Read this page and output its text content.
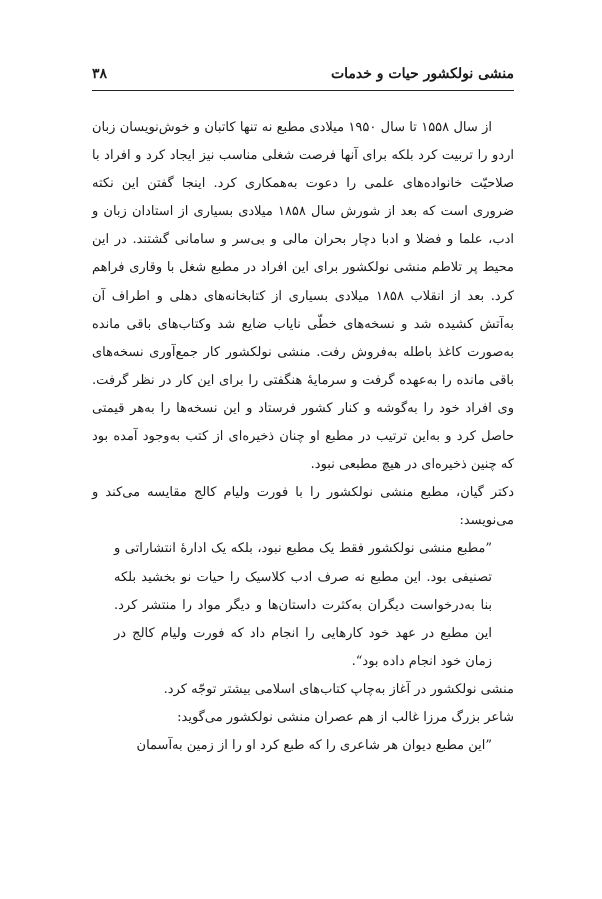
منشی نولکشور حیات و خدمات
۳۸

از سال ۱۵۵۸ تا سال ۱۹۵۰ میلادی مطبع نه تنها کاتبان و خوش‌نویسان زبان اردو را تربیت کرد بلکه برای آنها فرصت شغلی مناسب نیز ایجاد کرد و افراد با صلاحیّت خانواده‌های علمی را دعوت به‌همکاری کرد. اینجا گفتن این نکته ضروری است که بعد از شورش سال ۱۸۵۸ میلادی بسیاری از استادان زبان و ادب، علما و فضلا و ادبا دچار بحران مالی و بی‌سر و سامانی گشتند. در این محیط پر تلاطم منشی نولکشور برای این افراد در مطبع شغل با وقاری فراهم کرد. بعد از انقلاب ۱۸۵۸ میلادی بسیاری از کتابخانه‌های دهلی و اطراف آن به‌آتش کشیده شد و نسخه‌های خطّی نایاب ضایع شد وکتاب‌های باقی مانده به‌صورت کاغذ باطله به‌فروش رفت. منشی نولکشور کار جمع‌آوری نسخه‌های باقی مانده را به‌عهده گرفت و سرمایهٔ هنگفتی را برای این کار در نظر گرفت. وی افراد خود را به‌گوشه و کنار کشور فرستاد و این نسخه‌ها را به‌هر قیمتی حاصل کرد و به‌این ترتیب در مطبع او چنان ذخیره‌ای از کتب به‌وجود آمده بود که چنین ذخیره‌ای در هیچ مطبعی نبود.

دکتر گیان، مطبع منشی نولکشور را با فورت ولیام کالج مقایسه می‌کند و می‌نویسد:

”مطبع منشی نولکشور فقط یک مطبع نبود، بلکه یک ادارهٔ انتشاراتی و تصنیفی بود. این مطبع نه صرف ادب کلاسیک را حیات نو بخشید بلکه بنا به‌درخواست دیگران به‌کثرت داستان‌ها و دیگر مواد را منتشر کرد. این مطبع در عهد خود کارهایی را انجام داد که فورت ولیام کالج در زمان خود انجام داده بود“.

منشی نولکشور در آغاز به‌چاپ کتاب‌های اسلامی بیشتر توجّه کرد.

شاعر بزرگ مرزا غالب از هم عصران منشی نولکشور می‌گوید:

”این مطبع دیوان هر شاعری را که طبع کرد او را از زمین به‌آسمان
